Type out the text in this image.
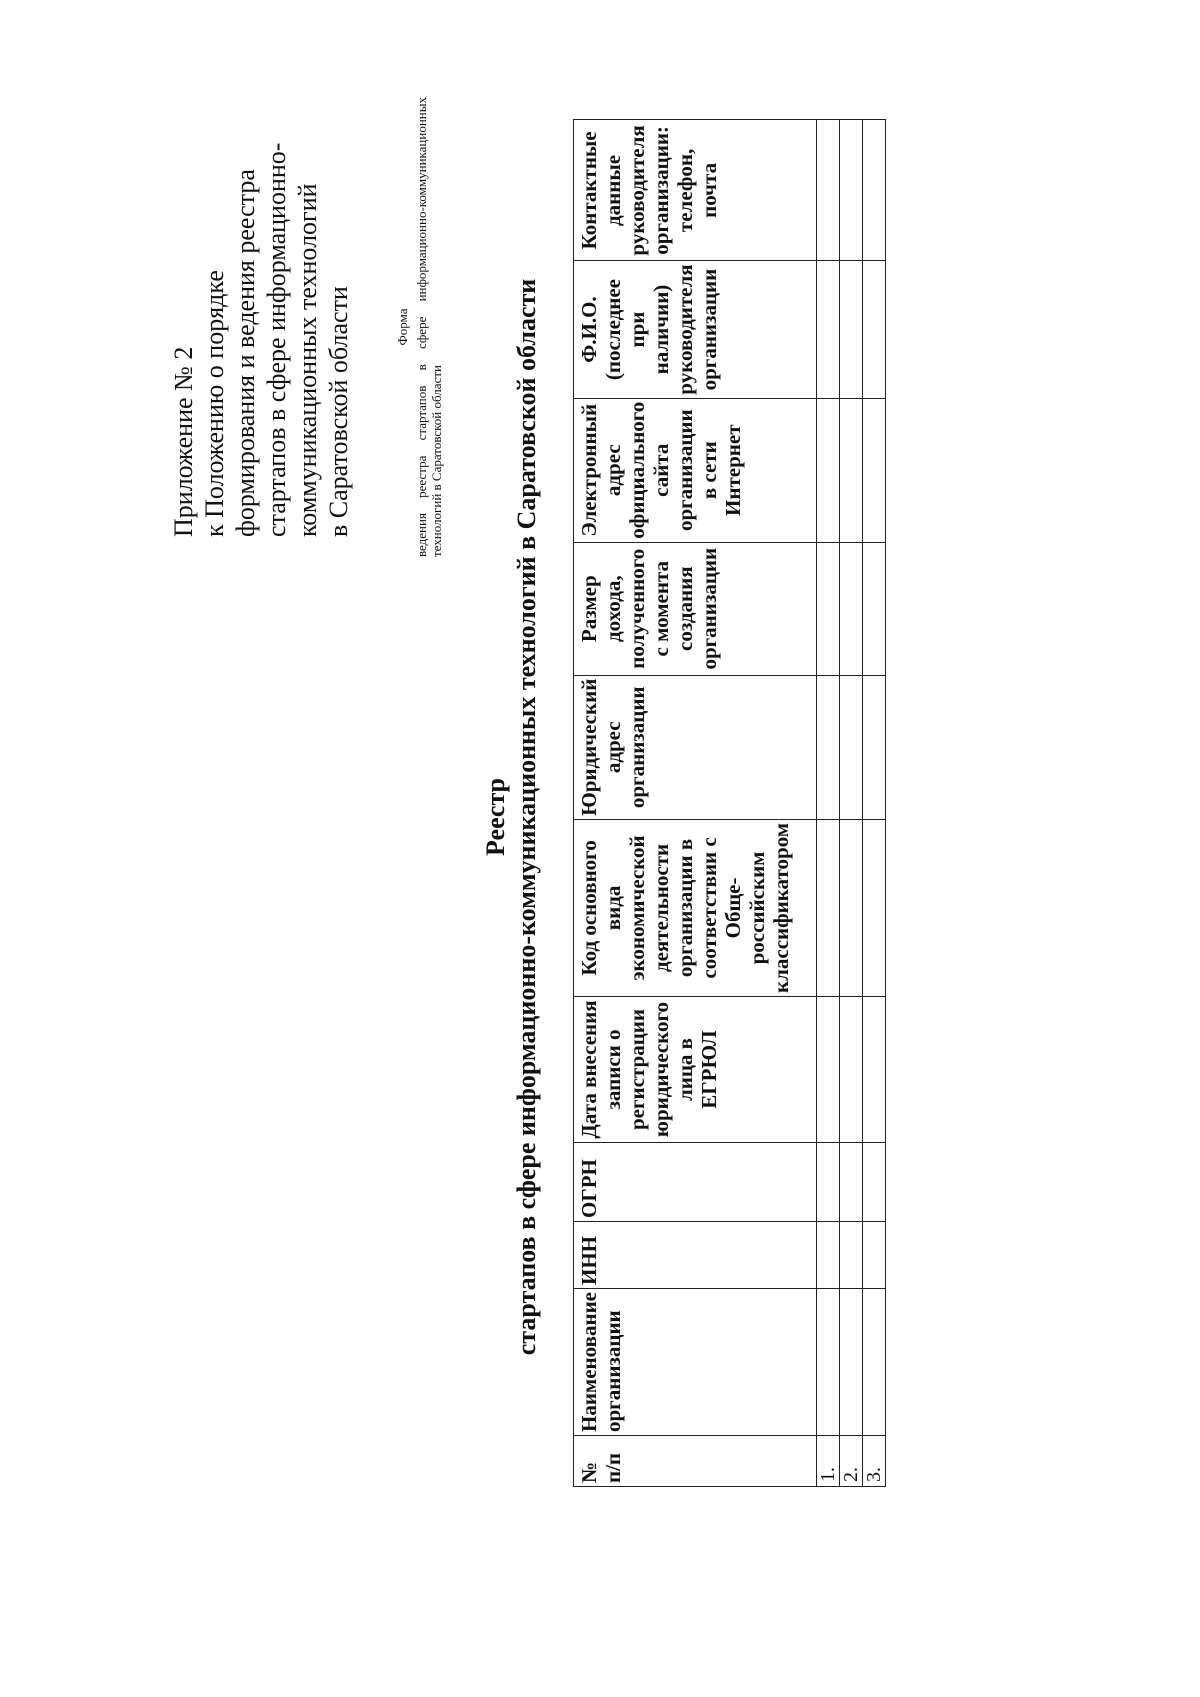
Приложение № 2 к Положению о порядке формирования и ведения реестра стартапов в сфере информационно- коммуникационных технологий в Саратовской области	Форма ведения реестра стартапов в сфере информационно-коммуникационных технологий в Саратовской области
Реестр стартапов в сфере информационно-коммуникационных технологий в Саратовской области
№ п/п	Наименование организации	ИНН	ОГРН	Дата внесения записи о регистрации юридического лица в ЕГРЮЛ	Код основного вида экономической деятельности организации в соответствии с Обще-российским классификатором	Юридический адрес организации	Размер дохода, полученного с момента создания организации	Электронный адрес официального сайта организации в сети Интернет	Ф.И.О. (последнее при наличии) руководителя организации	Контактные данные руководителя организации: телефон, почта
1.										
2.										
3.										
